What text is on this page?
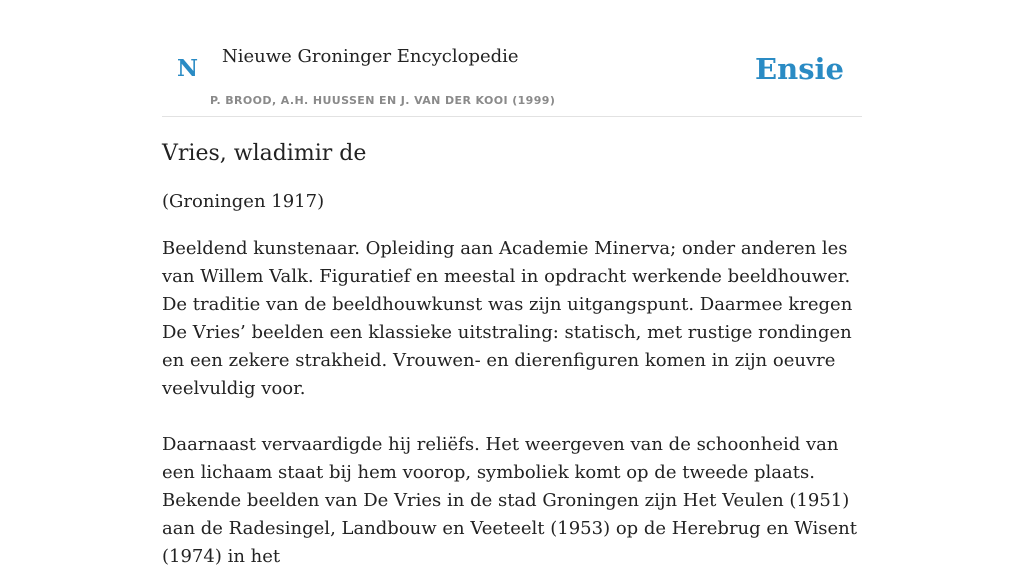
N Nieuwe Groninger Encyclopedie
P. BROOD, A.H. HUUSSEN EN J. VAN DER KOOI (1999)
Ensie
Vries, wladimir de

(Groningen 1917)

Beeldend kunstenaar. Opleiding aan Academie Minerva; onder anderen les van Willem Valk. Figuratief en meestal in opdracht werkende beeldhouwer. De traditie van de beeldhouwkunst was zijn uitgangspunt. Daarmee kregen De Vries’ beelden een klassieke uitstraling: statisch, met rustige rondingen en een zekere strakheid. Vrouwen- en dierenfiguren komen in zijn oeuvre veelvuldig voor.

Daarnaast vervaardigde hij reliëfs. Het weergeven van de schoonheid van een lichaam staat bij hem voorop, symboliek komt op de tweede plaats. Bekende beelden van De Vries in de stad Groningen zijn Het Veulen (1951) aan de Radesingel, Landbouw en Veeteelt (1953) op de Herebrug en Wisent (1974) in het
